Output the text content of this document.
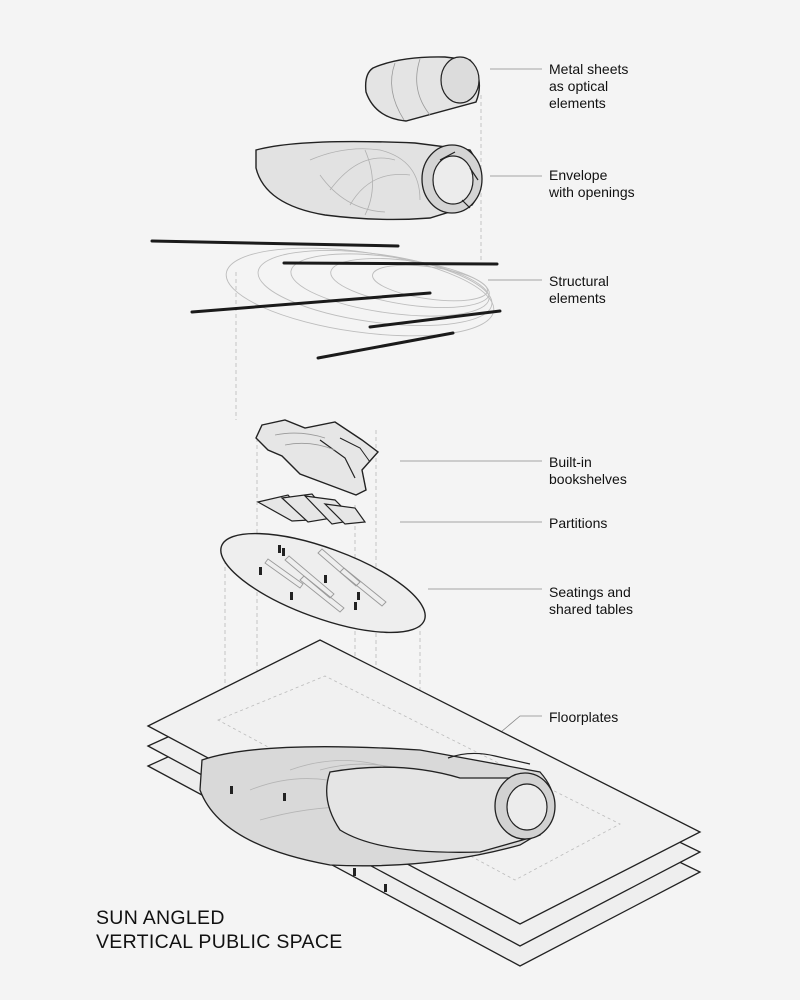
Metal sheets
as optical
elements
Envelope
with openings
Structural
elements
Built-in
bookshelves
Partitions
Seatings and
shared tables
Floorplates
SUN ANGLED
VERTICAL PUBLIC SPACE
